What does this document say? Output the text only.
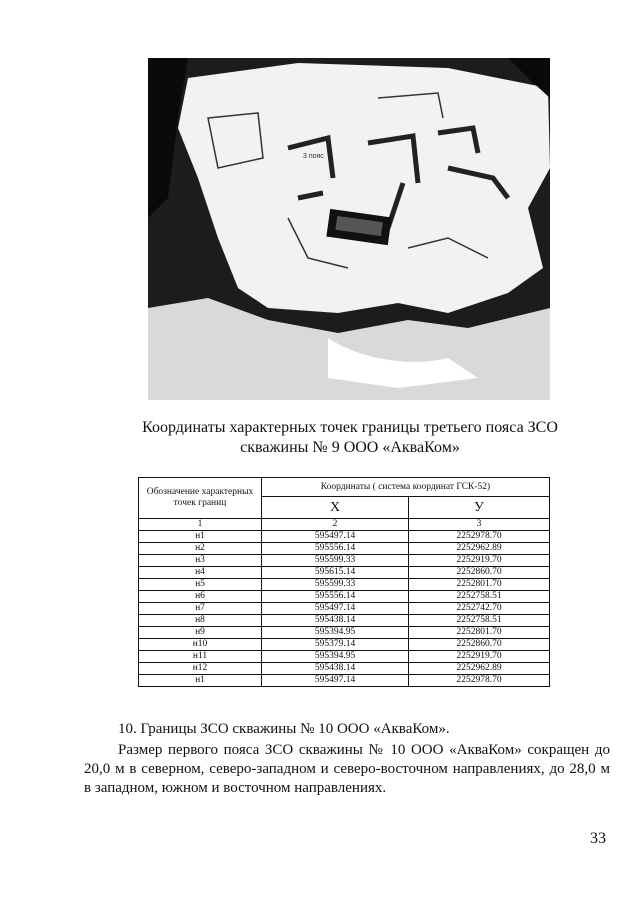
3 пояс
Координаты характерных точек границы третьего пояса ЗСО
скважины № 9 ООО «АкваКом»
Обозначение характерных точек границ	Координаты ( система координат ГСК-52)	
	X	У
1	2	3
н1	595497.14	2252978.70
н2	595556.14	2252962.89
н3	595599.33	2252919.70
н4	595615.14	2252860.70
н5	595599.33	2252801.70
н6	595556.14	2252758.51
н7	595497.14	2252742.70
н8	595438.14	2252758.51
н9	595394.95	2252801.70
н10	595379.14	2252860.70
н11	595394.95	2252919.70
н12	595438.14	2252962.89
н1	595497.14	2252978.70
10. Границы ЗСО скважины № 10 ООО «АкваКом».
Размер первого пояса ЗСО скважины № 10 ООО «АкваКом» сокращен до 20,0 м в северном, северо-западном и северо-восточном направлениях, до 28,0 м в западном, южном и восточном направлениях.
33
